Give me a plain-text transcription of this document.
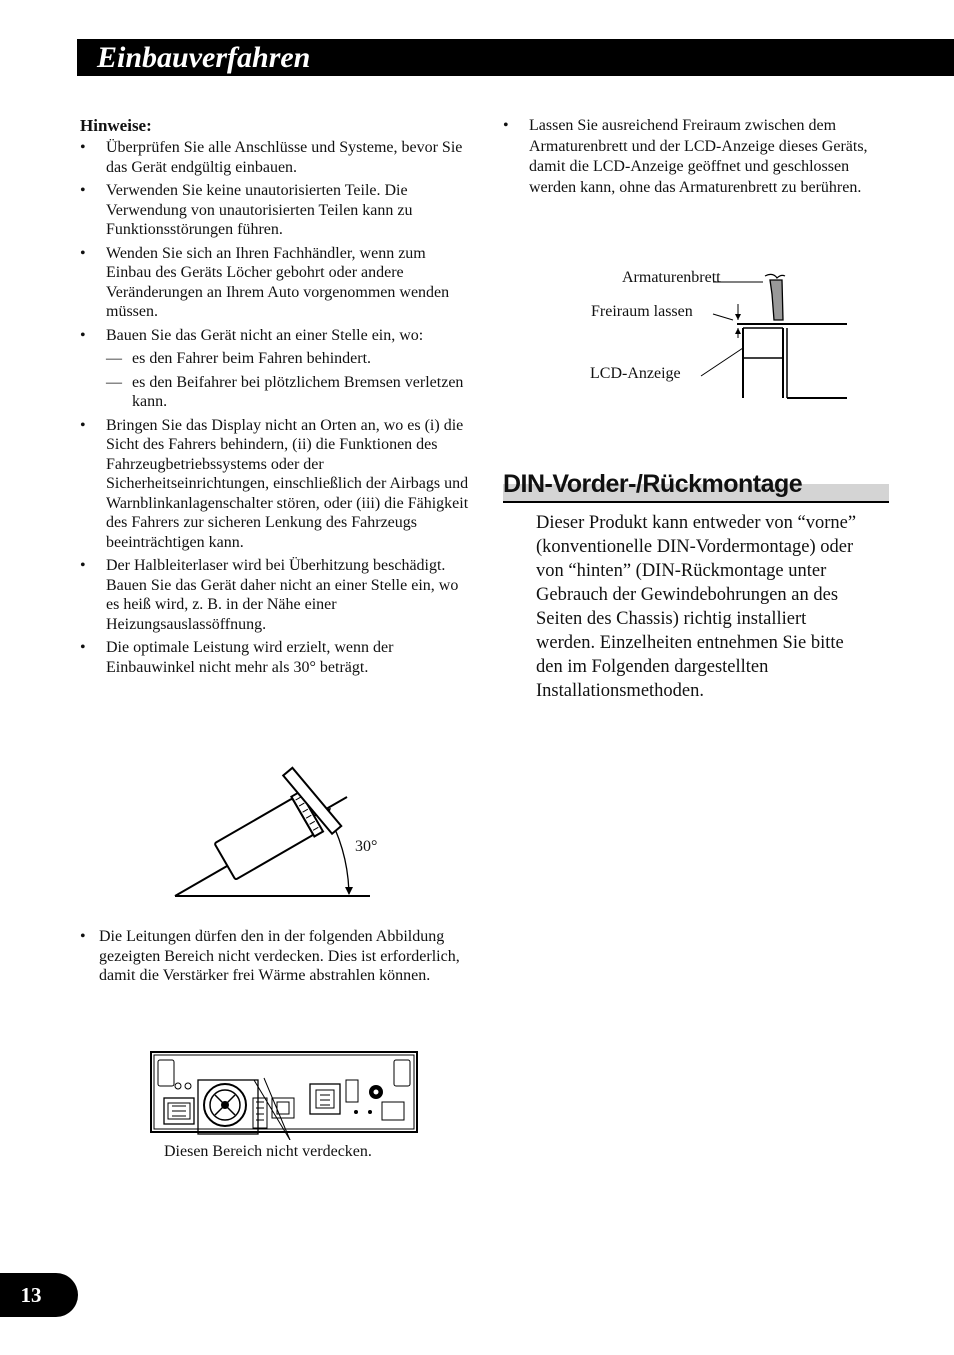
Einbauverfahren
Hinweise:
• Überprüfen Sie alle Anschlüsse und Systeme, bevor Sie das Gerät endgültig einbauen.
• Verwenden Sie keine unautorisierten Teile. Die Verwendung von unautorisierten Teilen kann zu Funktionsstörungen führen.
• Wenden Sie sich an Ihren Fachhändler, wenn zum Einbau des Geräts Löcher gebohrt oder andere Veränderungen an Ihrem Auto vorgenommen wenden müssen.
• Bauen Sie das Gerät nicht an einer Stelle ein, wo:
— es den Fahrer beim Fahren behindert.
— es den Beifahrer bei plötzlichem Bremsen verletzen kann.
• Bringen Sie das Display nicht an Orten an, wo es (i) die Sicht des Fahrers behindern, (ii) die Funktionen des Fahrzeugbetriebssystems oder der Sicherheitseinrichtungen, einschließlich der Airbags und Warnblinkanlagenschalter stören, oder (iii) die Fähigkeit des Fahrers zur sicheren Lenkung des Fahrzeugs beeinträchtigen kann.
• Der Halbleiterlaser wird bei Überhitzung beschädigt. Bauen Sie das Gerät daher nicht an einer Stelle ein, wo es heiß wird, z. B. in der Nähe einer Heizungsauslassöffnung.
• Die optimale Leistung wird erzielt, wenn der Einbauwinkel nicht mehr als 30° beträgt.
30°
• Die Leitungen dürfen den in der folgenden Abbildung gezeigten Bereich nicht verdecken. Dies ist erforderlich, damit die Verstärker frei Wärme abstrahlen können.
Diesen Bereich nicht verdecken.
• Lassen Sie ausreichend Freiraum zwischen dem Armaturenbrett und der LCD-Anzeige dieses Geräts, damit die LCD-Anzeige geöffnet und geschlossen werden kann, ohne das Armaturenbrett zu berühren.
Armaturenbrett
Freiraum lassen
LCD-Anzeige
DIN-Vorder-/Rückmontage

Dieser Produkt kann entweder von “vorne” (konventionelle DIN-Vordermontage) oder von “hinten” (DIN-Rückmontage unter Gebrauch der Gewindebohrungen an des Seiten des Chassis) richtig installiert werden. Einzelheiten entnehmen Sie bitte den im Folgenden dargestellten Installationsmethoden.

13
